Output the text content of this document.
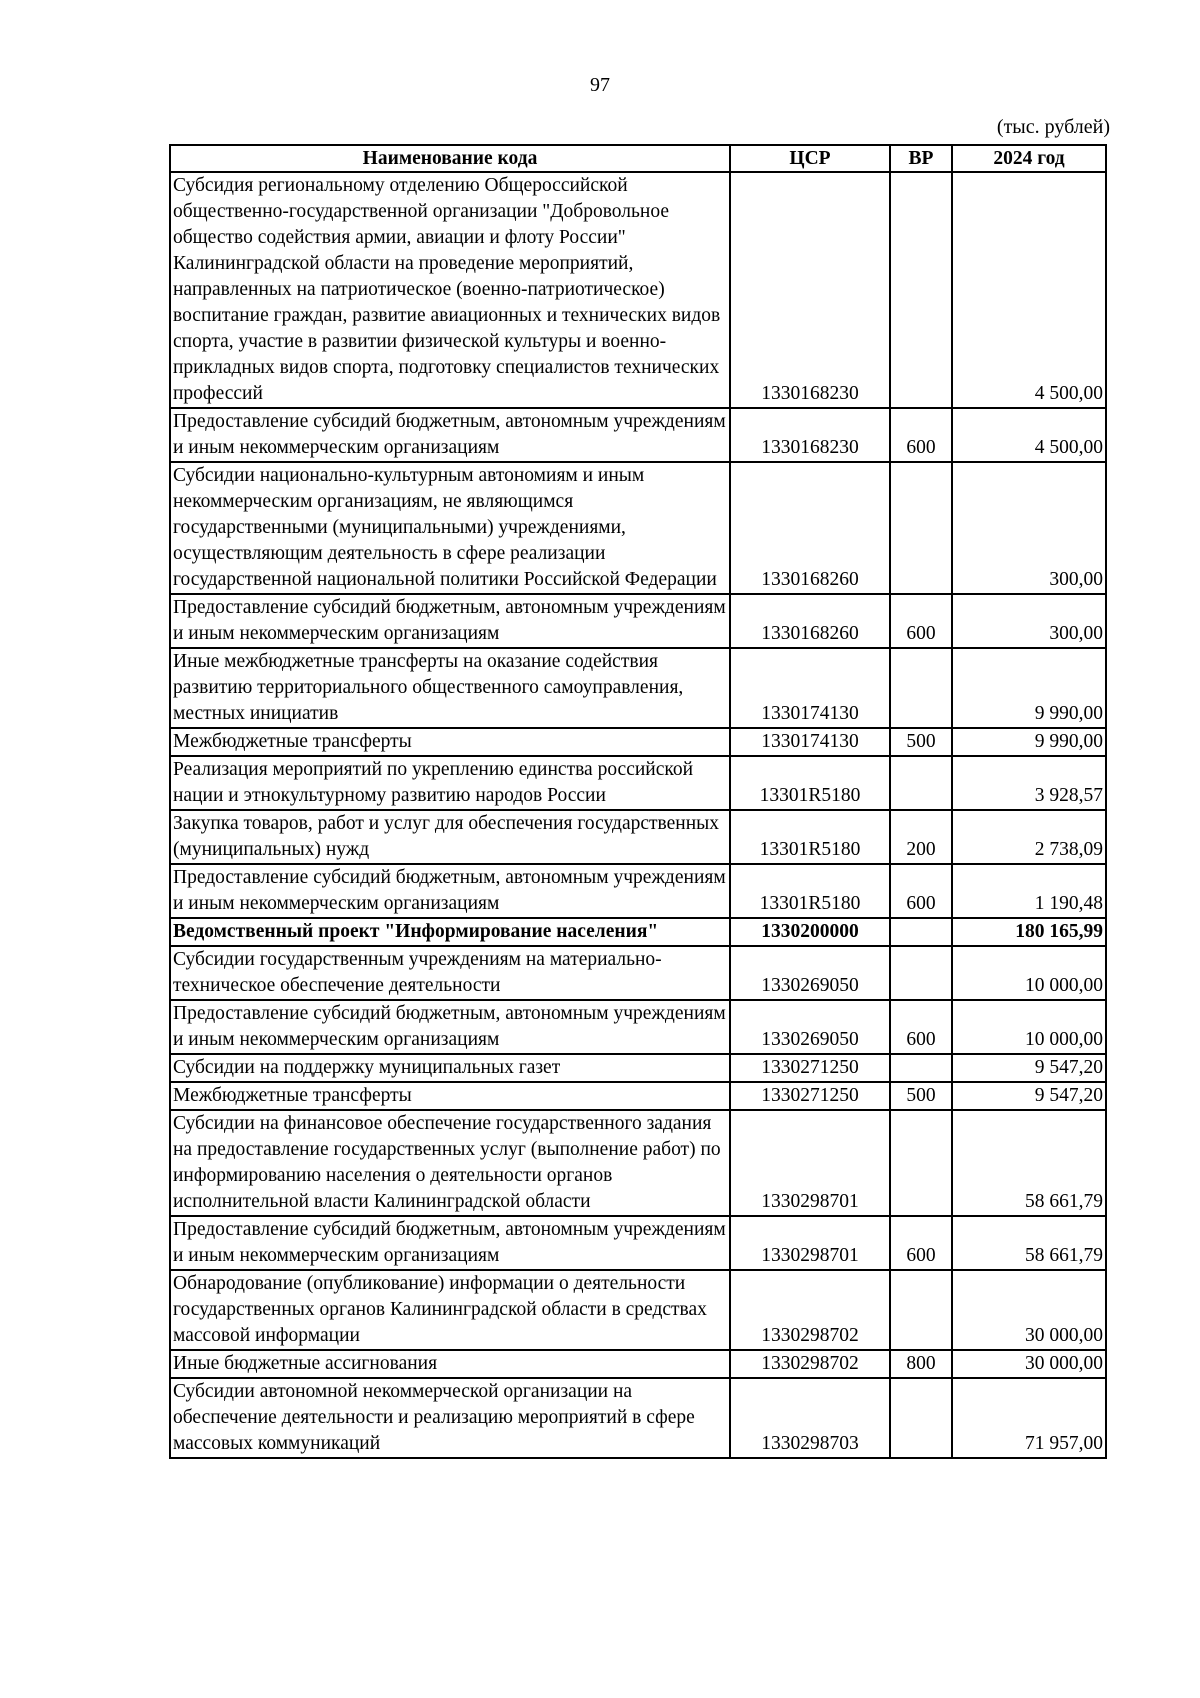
97
(тыс. рублей)
Наименование кода	ЦСР	ВР	2024 год
Субсидия региональному отделению Общероссийской общественно-государственной организации "Добровольное общество содействия армии, авиации и флоту России" Калининградской области на проведение мероприятий, направленных на патриотическое (военно-патриотическое) воспитание граждан, развитие авиационных и технических видов спорта, участие в развитии физической культуры и военно-прикладных видов спорта, подготовку специалистов технических профессий	1330168230		4 500,00
Предоставление субсидий бюджетным, автономным учреждениям и иным некоммерческим организациям	1330168230	600	4 500,00
Субсидии национально-культурным автономиям и иным некоммерческим организациям, не являющимся государственными (муниципальными) учреждениями, осуществляющим деятельность в сфере реализации государственной национальной политики Российской Федерации	1330168260		300,00
Предоставление субсидий бюджетным, автономным учреждениям и иным некоммерческим организациям	1330168260	600	300,00
Иные межбюджетные трансферты на оказание содействия развитию территориального общественного самоуправления, местных инициатив	1330174130		9 990,00
Межбюджетные трансферты	1330174130	500	9 990,00
Реализация мероприятий по укреплению единства российской нации и этнокультурному развитию народов России	13301R5180		3 928,57
Закупка товаров, работ и услуг для обеспечения государственных (муниципальных) нужд	13301R5180	200	2 738,09
Предоставление субсидий бюджетным, автономным учреждениям и иным некоммерческим организациям	13301R5180	600	1 190,48
Ведомственный проект "Информирование населения"	1330200000		180 165,99
Субсидии государственным учреждениям на материально-техническое обеспечение деятельности	1330269050		10 000,00
Предоставление субсидий бюджетным, автономным учреждениям и иным некоммерческим организациям	1330269050	600	10 000,00
Субсидии на поддержку муниципальных газет	1330271250		9 547,20
Межбюджетные трансферты	1330271250	500	9 547,20
Субсидии на финансовое обеспечение государственного задания на предоставление государственных услуг (выполнение работ) по информированию населения о деятельности органов исполнительной власти Калининградской области	1330298701		58 661,79
Предоставление субсидий бюджетным, автономным учреждениям и иным некоммерческим организациям	1330298701	600	58 661,79
Обнародование (опубликование) информации о деятельности государственных органов Калининградской области в средствах массовой информации	1330298702		30 000,00
Иные бюджетные ассигнования	1330298702	800	30 000,00
Субсидии автономной некоммерческой организации на обеспечение деятельности и реализацию мероприятий в сфере массовых коммуникаций	1330298703		71 957,00
